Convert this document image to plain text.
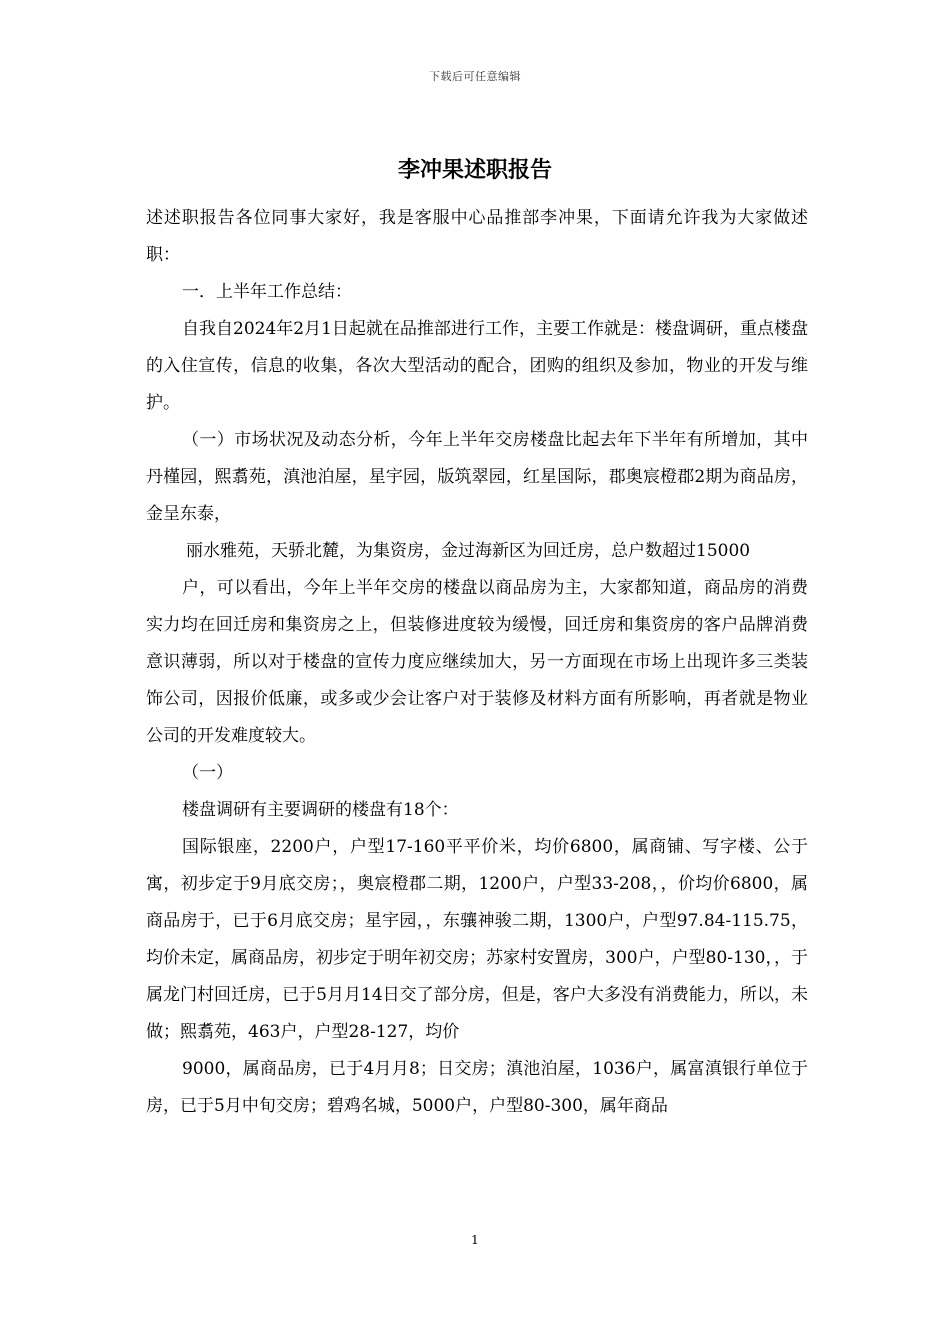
下载后可任意编辑
李冲果述职报告

述述职报告各位同事大家好，我是客服中心品推部李冲果，下面请允许我为大家做述职：

一．上半年工作总结：

自我自2024年2月1日起就在品推部进行工作，主要工作就是：楼盘调研，重点楼盘的入住宣传，信息的收集，各次大型活动的配合，团购的组织及参加，物业的开发与维护。

（一）市场状况及动态分析，今年上半年交房楼盘比起去年下半年有所增加，其中丹槿园，熙翥苑，滇池泊屋，星宇园，版筑翠园，红星国际，郡奥宸橙郡2期为商品房，金呈东泰，

丽水雅苑，天骄北麓，为集资房，金过海新区为回迁房，总户数超过15000

户，可以看出，今年上半年交房的楼盘以商品房为主，大家都知道，商品房的消费实力均在回迁房和集资房之上，但装修进度较为缓慢，回迁房和集资房的客户品牌消费意识薄弱，所以对于楼盘的宣传力度应继续加大，另一方面现在市场上出现许多三类装饰公司，因报价低廉，或多或少会让客户对于装修及材料方面有所影响，再者就是物业公司的开发难度较大。

（一）

楼盘调研有主要调研的楼盘有18个：

国际银座，2200户，户型17-160平平价米，均价6800，属商铺、写字楼、公于寓，初步定于9月底交房；，奥宸橙郡二期，1200户，户型33-208，，价均价6800，属商品房于，已于6月底交房；星宇园，，东骧神骏二期，1300户，户型97.84-115.75，均价未定，属商品房，初步定于明年初交房；苏家村安置房，300户，户型80-130，，于属龙门村回迁房，已于5月月14日交了部分房，但是，客户大多没有消费能力，所以，未做；熙翥苑，463户，户型28-127，均价

9000，属商品房，已于4月月8；日交房；滇池泊屋，1036户，属富滇银行单位于房，已于5月中旬交房；碧鸡名城，5000户，户型80-300，属年商品

1
